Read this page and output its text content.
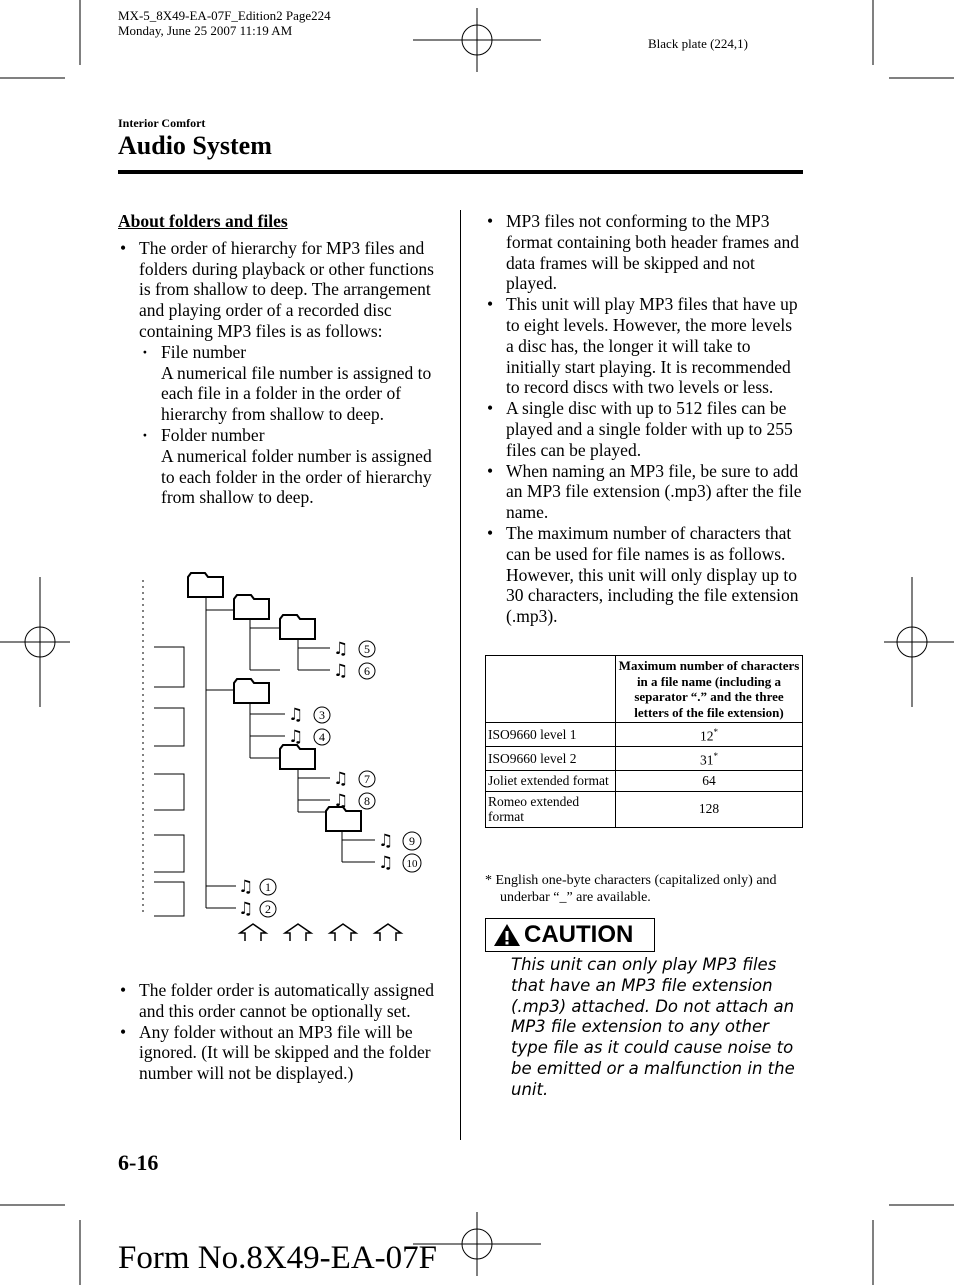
MX-5_8X49-EA-07F_Edition2 Page224
Monday, June 25 2007 11:19 AM
Black plate (224,1)
Interior Comfort
Audio System
About folders and files
• The order of hierarchy for MP3 files and folders during playback or other functions is from shallow to deep. The arrangement and playing order of a recorded disc containing MP3 files is as follows:
· File number
A numerical file number is assigned to each file in a folder in the order of hierarchy from shallow to deep.
· Folder number
A numerical folder number is assigned to each folder in the order of hierarchy from shallow to deep.
♫
♫
♫
♫
♫
♫
♫
♫
♫
♫
5
6
3
4
7
8
9
10
1
2
• The folder order is automatically assigned and this order cannot be optionally set.
• Any folder without an MP3 file will be ignored. (It will be skipped and the folder number will not be displayed.)
• MP3 files not conforming to the MP3 format containing both header frames and data frames will be skipped and not played.
• This unit will play MP3 files that have up to eight levels. However, the more levels a disc has, the longer it will take to initially start playing. It is recommended to record discs with two levels or less.
• A single disc with up to 512 files can be played and a single folder with up to 255 files can be played.
• When naming an MP3 file, be sure to add an MP3 file extension (.mp3) after the file name.
• The maximum number of characters that can be used for file names is as follows. However, this unit will only display up to 30 characters, including the file extension (.mp3).
	Maximum number of characters in a file name (including a separator “.” and the three letters of the file extension)
ISO9660 level 1	12*
ISO9660 level 2	31*
Joliet extended format	64
Romeo extended format	128
* English one-byte characters (capitalized only) and underbar “_” are available.
CAUTION
This unit can only play MP3 files that have an MP3 file extension (.mp3) attached. Do not attach an MP3 file extension to any other type file as it could cause noise to be emitted or a malfunction in the unit.
6-16
Form No.8X49-EA-07F
